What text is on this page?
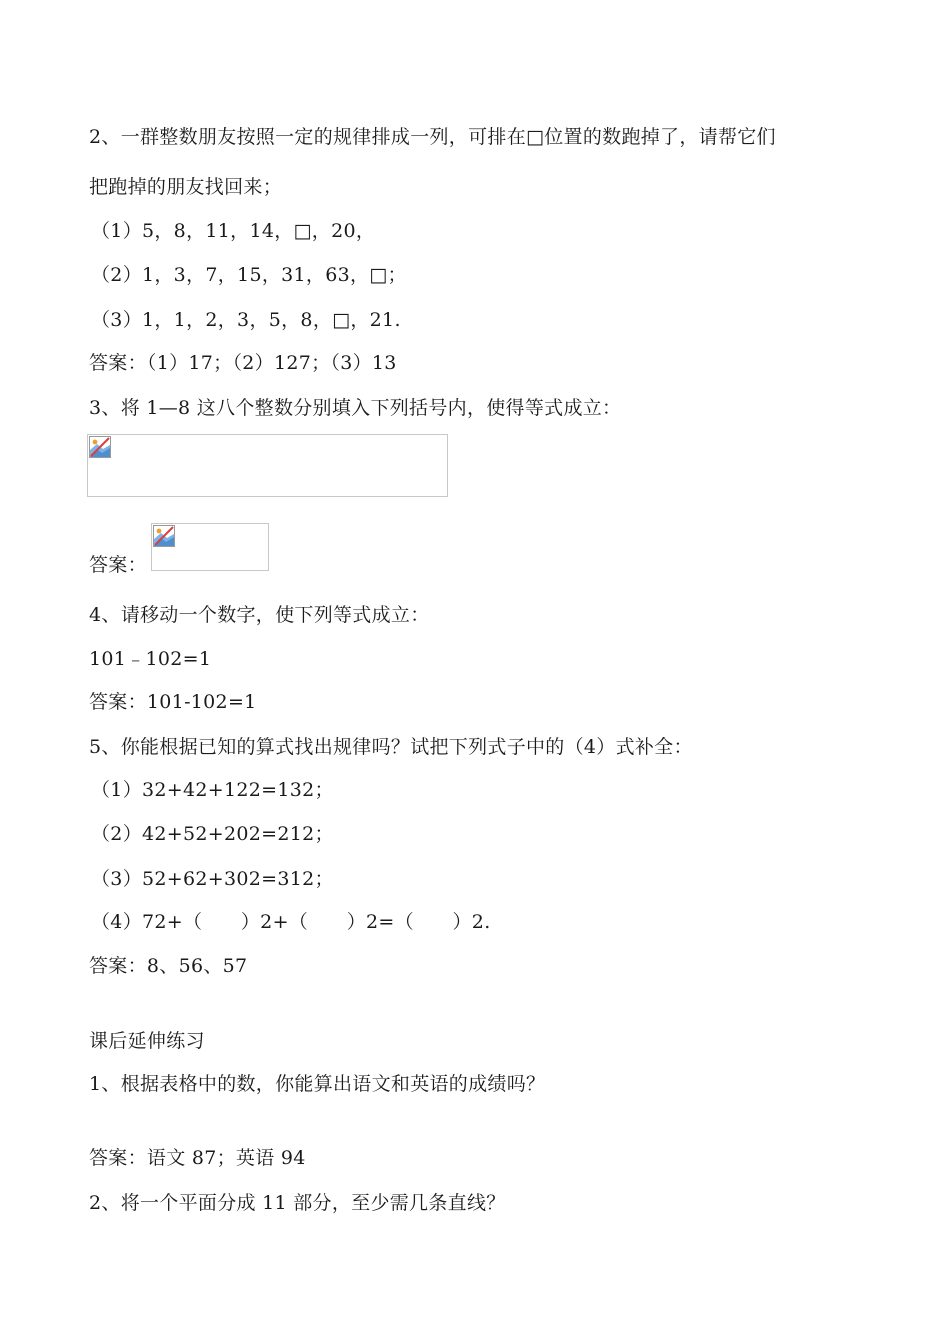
2、一群整数朋友按照一定的规律排成一列，可排在□位置的数跑掉了，请帮它们
把跑掉的朋友找回来；
（1）5，8，11，14，□，20，
（2）1，3，7，15，31，63，□；
（3）1，1，2，3，5，8，□，21.
答案：（1）17；（2）127；（3）13
3、将 1—8 这八个整数分别填入下列括号内，使得等式成立：
答案：
4、请移动一个数字，使下列等式成立：
101﹣102=1
答案：101-102=1
5、你能根据已知的算式找出规律吗？试把下列式子中的（4）式补全：
（1）32+42+122=132；
（2）42+52+202=212；
（3）52+62+302=312；
（4）72+（　　）2+（　　）2=（　　）2.
答案：8、56、57
课后延伸练习
1、根据表格中的数，你能算出语文和英语的成绩吗？
答案：语文 87；英语 94
2、将一个平面分成 11 部分，至少需几条直线？
